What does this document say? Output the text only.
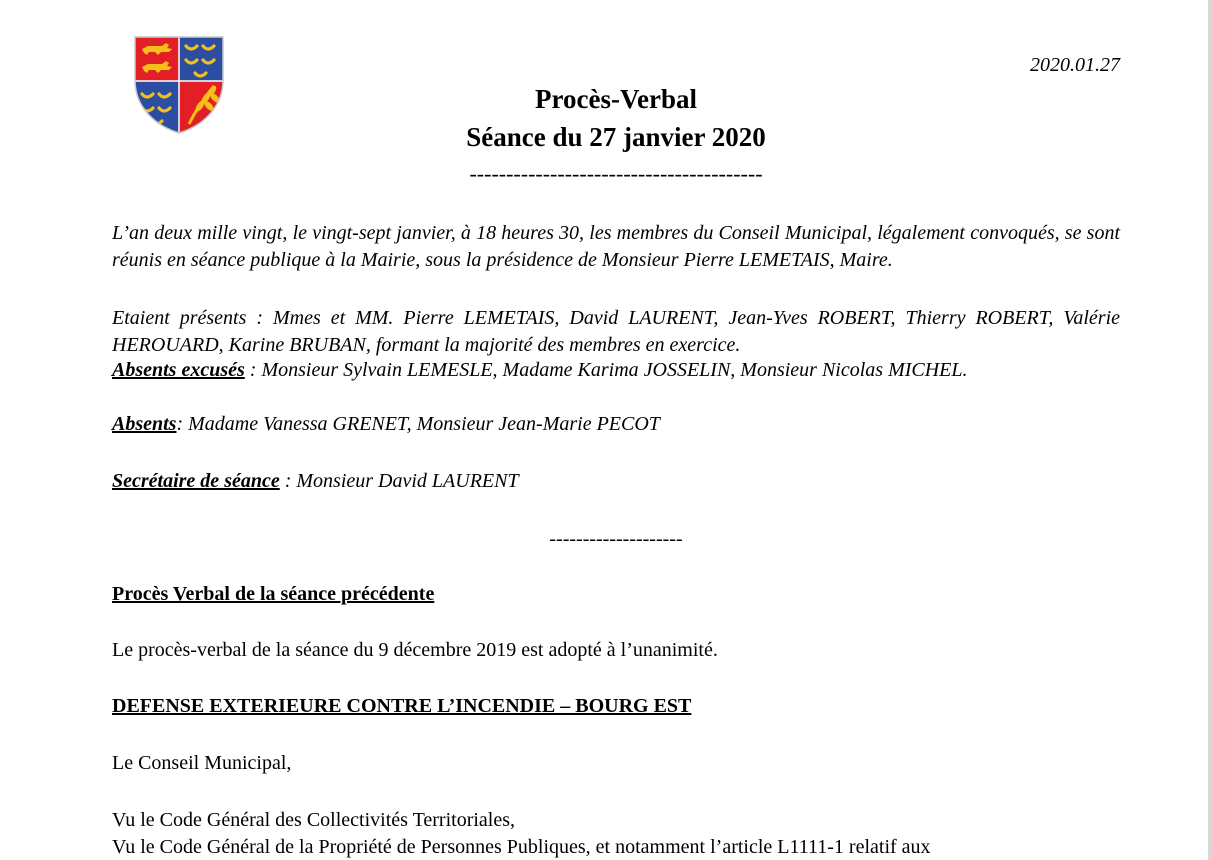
2020.01.27
Procès-Verbal
Séance du 27 janvier 2020
----------------------------------------
L’an deux mille vingt, le vingt-sept janvier, à 18 heures 30, les membres du Conseil Municipal, légalement convoqués, se sont réunis en séance publique à la Mairie, sous la présidence de Monsieur Pierre LEMETAIS, Maire.
Etaient présents : Mmes et MM. Pierre LEMETAIS, David LAURENT, Jean-Yves ROBERT, Thierry ROBERT, Valérie HEROUARD, Karine BRUBAN, formant la majorité des membres en exercice.
Absents excusés : Monsieur Sylvain LEMESLE, Madame Karima JOSSELIN, Monsieur Nicolas MICHEL.
Absents: Madame Vanessa GRENET, Monsieur Jean-Marie PECOT
Secrétaire de séance : Monsieur David LAURENT
--------------------
Procès Verbal de la séance précédente
Le procès-verbal de la séance du 9 décembre 2019 est adopté à l’unanimité.
DEFENSE EXTERIEURE CONTRE L’INCENDIE – BOURG EST
Le Conseil Municipal,
Vu le Code Général des Collectivités Territoriales,
Vu le Code Général de la Propriété de Personnes Publiques, et notamment l’article L1111-1 relatif aux
